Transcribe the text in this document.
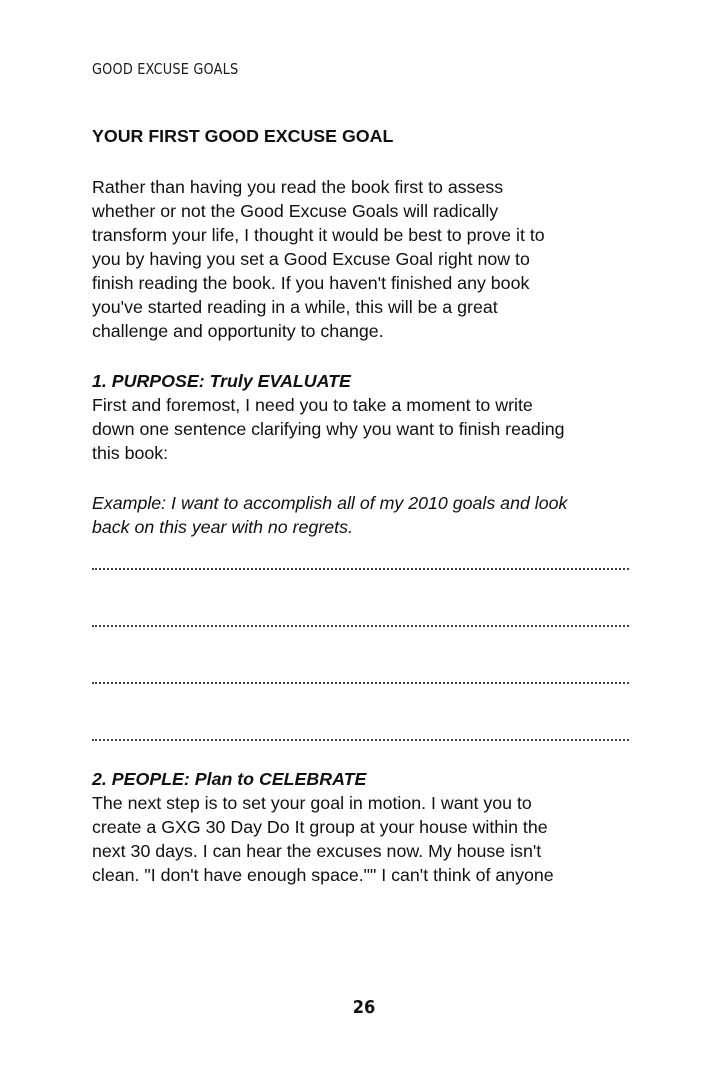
GOOD EXCUSE GOALS
YOUR FIRST GOOD EXCUSE GOAL
Rather than having you read the book first to assess
whether or not the Good Excuse Goals will radically
transform your life, I thought it would be best to prove it to
you by having you set a Good Excuse Goal right now to
finish reading the book. If you haven't finished any book
you've started reading in a while, this will be a great
challenge and opportunity to change.
1. PURPOSE: Truly EVALUATE
First and foremost, I need you to take a moment to write
down one sentence clarifying why you want to finish reading
this book:
Example: I want to accomplish all of my 2010 goals and look
back on this year with no regrets.
2. PEOPLE: Plan to CELEBRATE
The next step is to set your goal in motion. I want you to
create a GXG 30 Day Do It group at your house within the
next 30 days. I can hear the excuses now. My house isn't
clean. "I don't have enough space."" I can't think of anyone
26
